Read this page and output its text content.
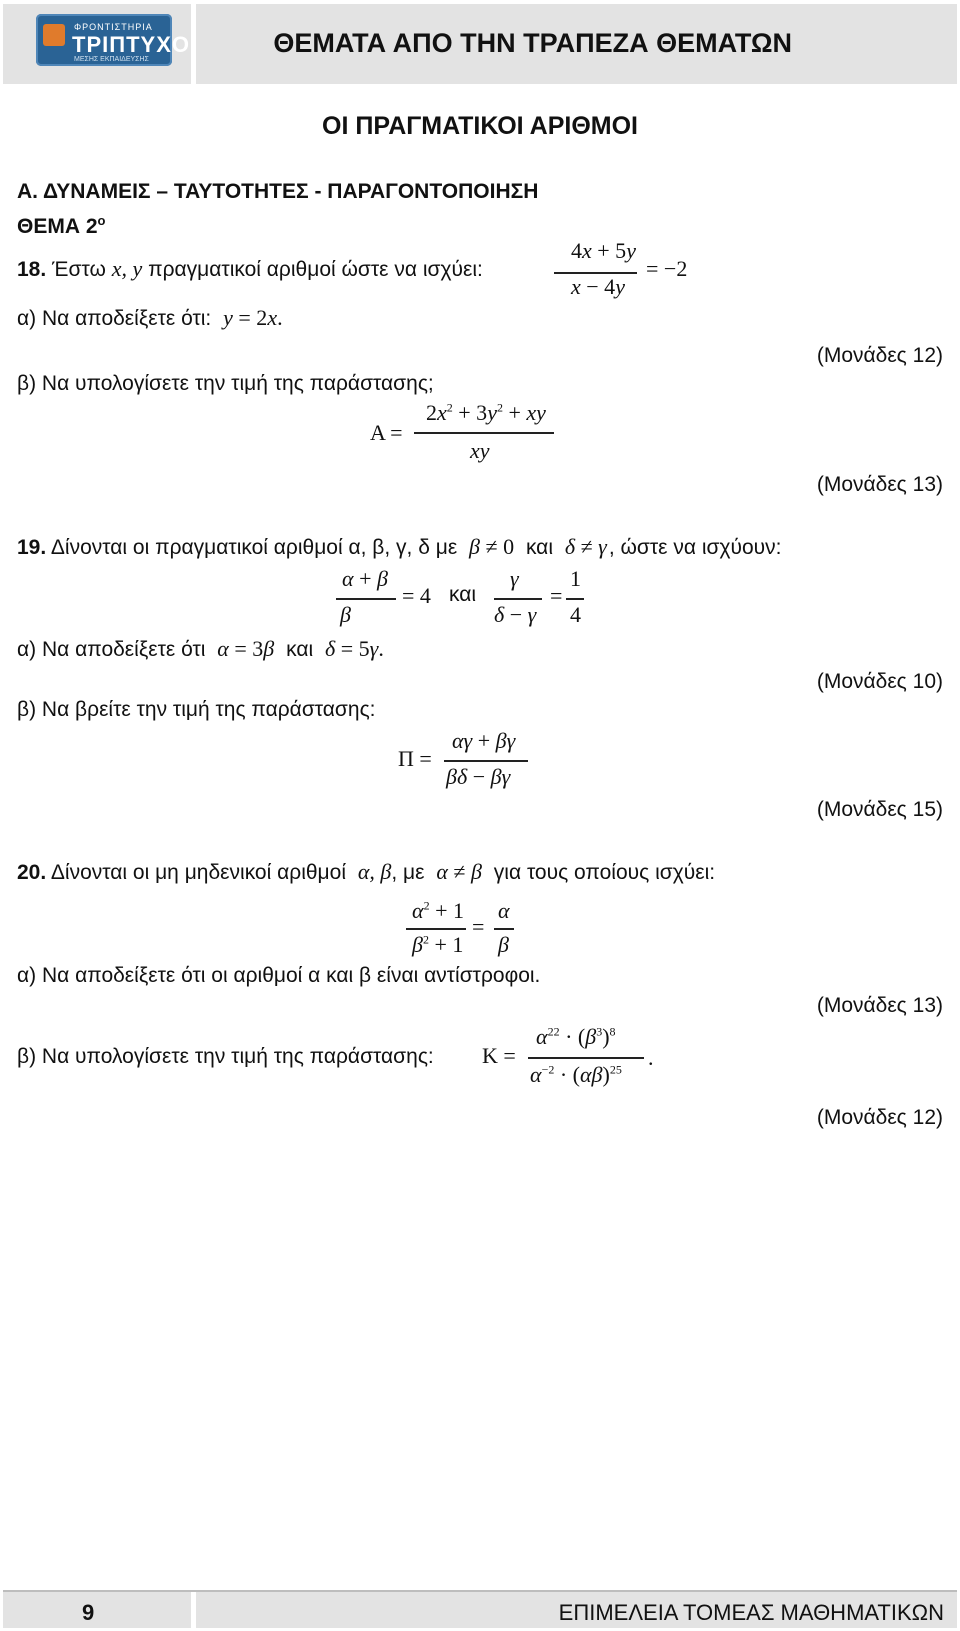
ΦΡΟΝΤΙΣΤΗΡΙΑ
ΤΡΙΠΤΥΧΟ
ΜΕΣΗΣ ΕΚΠΑΙΔΕΥΣΗΣ
ΘΕΜΑΤΑ ΑΠΟ ΤΗΝ ΤΡΑΠΕΖΑ ΘΕΜΑΤΩΝ
ΟΙ ΠΡΑΓΜΑΤΙΚΟΙ ΑΡΙΘΜΟΙ
Α. ΔΥΝΑΜΕΙΣ – ΤΑΥΤΟΤΗΤΕΣ - ΠΑΡΑΓΟΝΤΟΠΟΙΗΣΗ
ΘΕΜΑ $2^o$
18. Έστω x, y πραγματικοί αριθμοί ώστε να ισχύει:
4x + 5y
x − 4y
= −2
α) Να αποδείξετε ότι: y = 2x.
(Μονάδες 12)
β) Να υπολογίσετε την τιμή της παράστασης;
Α =
$2x^2 + 3y^2$ + xy
xy
(Μονάδες 13)
19. Δίνονται οι πραγματικοί αριθμοί α, β, γ, δ με β ≠ 0 και δ ≠ γ, ώστε να ισχύουν:
α + β
β
= 4 και
γ
δ − γ
=
1
4
α) Να αποδείξετε ότι α = 3β και δ = 5γ.
(Μονάδες 10)
β) Να βρείτε την τιμή της παράστασης:
Π =
αγ + βγ
βδ − βγ
(Μονάδες 15)
20. Δίνονται οι μη μηδενικοί αριθμοί α, β, με α ≠ β για τους οποίους ισχύει:
$\alpha^2 + 1$
$\beta^2 + 1$
=
α
β
α) Να αποδείξετε ότι οι αριθμοί α και β είναι αντίστροφοι.
(Μονάδες 13)
β) Να υπολογίσετε την τιμή της παράστασης: Κ =
$\alpha^{22} \cdot (\beta^3)^8$
$\alpha^{-2} \cdot (\alpha\beta)^{25}$ .
(Μονάδες 12)
9	ΕΠΙΜΕΛΕΙΑ ΤΟΜΕΑΣ ΜΑΘΗΜΑΤΙΚΩΝ
